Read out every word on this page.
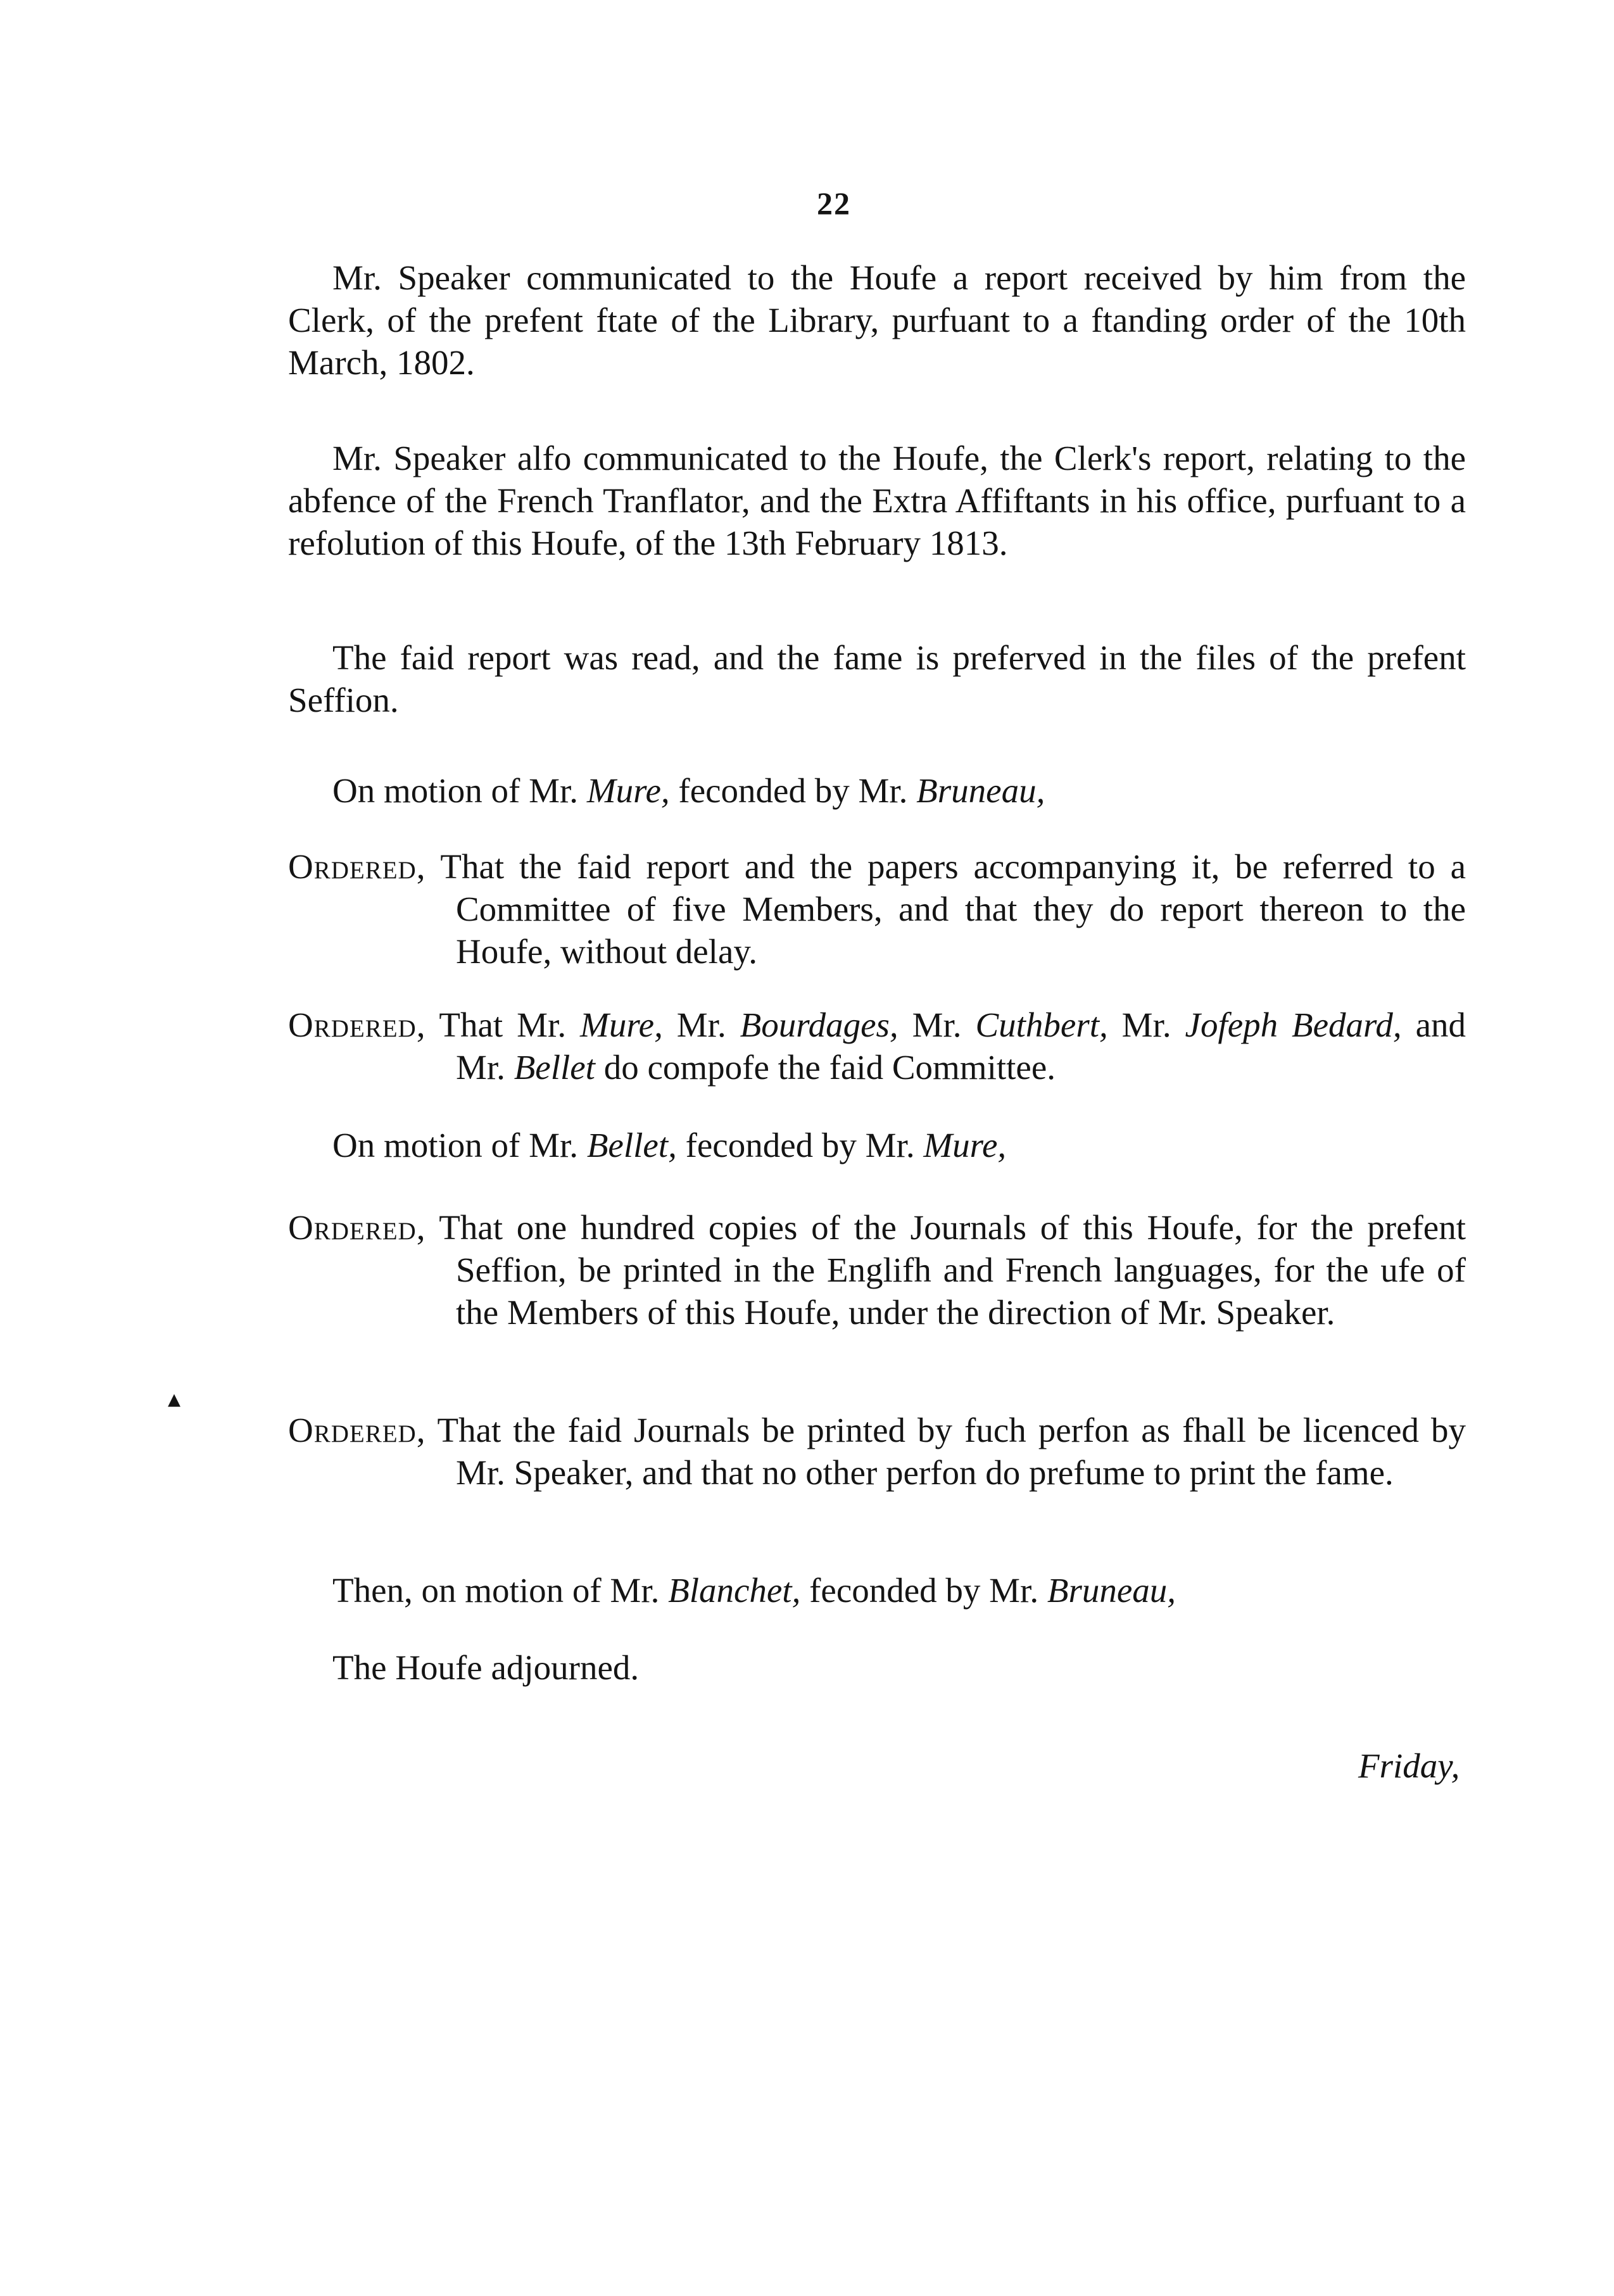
22
Mr. Speaker communicated to the Houfe a report received by him from the Clerk, of the prefent ftate of the Library, purfuant to a ftanding order of the 10th March, 1802.
Mr. Speaker alfo communicated to the Houfe, the Clerk's report, relating to the abfence of the French Tranflator, and the Extra Affiftants in his office, purfuant to a refolution of this Houfe, of the 13th February 1813.
The faid report was read, and the fame is preferved in the files of the prefent Seffion.
On motion of Mr. Mure, feconded by Mr. Bruneau,
Ordered, That the faid report and the papers accompanying it, be referred to a Committee of five Members, and that they do report thereon to the Houfe, without delay.
Ordered, That Mr. Mure, Mr. Bourdages, Mr. Cuthbert, Mr. Jofeph Bedard, and Mr. Bellet do compofe the faid Committee.
On motion of Mr. Bellet, feconded by Mr. Mure,
Ordered, That one hundred copies of the Journals of this Houfe, for the prefent Seffion, be printed in the Englifh and French languages, for the ufe of the Members of this Houfe, under the direction of Mr. Speaker.
▴
Ordered, That the faid Journals be printed by fuch perfon as fhall be licenced by Mr. Speaker, and that no other perfon do prefume to print the fame.
Then, on motion of Mr. Blanchet, feconded by Mr. Bruneau,
The Houfe adjourned.
Friday,
